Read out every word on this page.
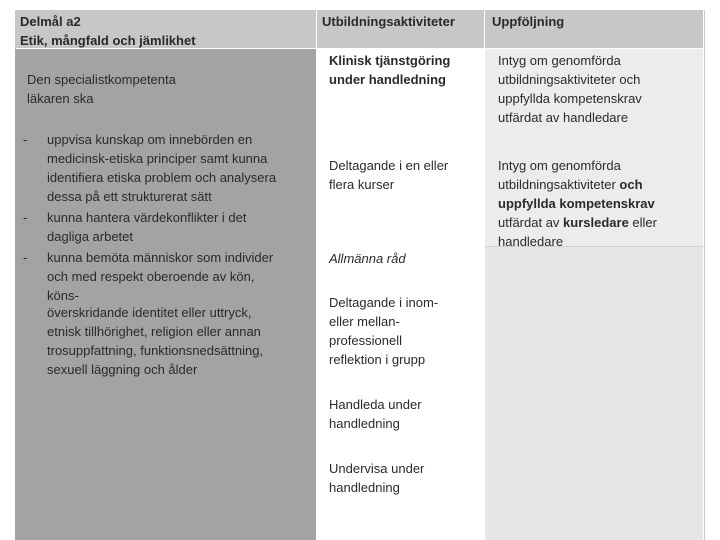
Delmål a2
Etik, mångfald och jämlikhet
Utbildningsaktiviteter	Uppföljning
Den specialistkompetenta
läkaren ska
- uppvisa kunskap om innebörden en
medicinsk-etiska principer samt kunna
identifiera etiska problem och analysera
dessa på ett strukturerat sätt
- kunna hantera värdekonflikter i det
dagliga arbetet
- kunna bemöta människor som individer
och med respekt oberoende av kön,
köns-
överskridande identitet eller uttryck,
etnisk tillhörighet, religion eller annan
trosuppfattning, funktionsnedsättning,
sexuell läggning och ålder
Klinisk tjänstgöring
under handledning
Deltagande i en eller
flera kurser
Allmänna råd
Deltagande i inom-
eller mellan-
professionell
reflektion i grupp
Handleda under
handledning
Undervisa under
handledning
Intyg om genomförda
utbildningsaktiviteter och
uppfyllda kompetenskrav
utfärdat av handledare
Intyg om genomförda
utbildningsaktiviteter och
uppfyllda kompetenskrav
utfärdat av kursledare eller
handledare
